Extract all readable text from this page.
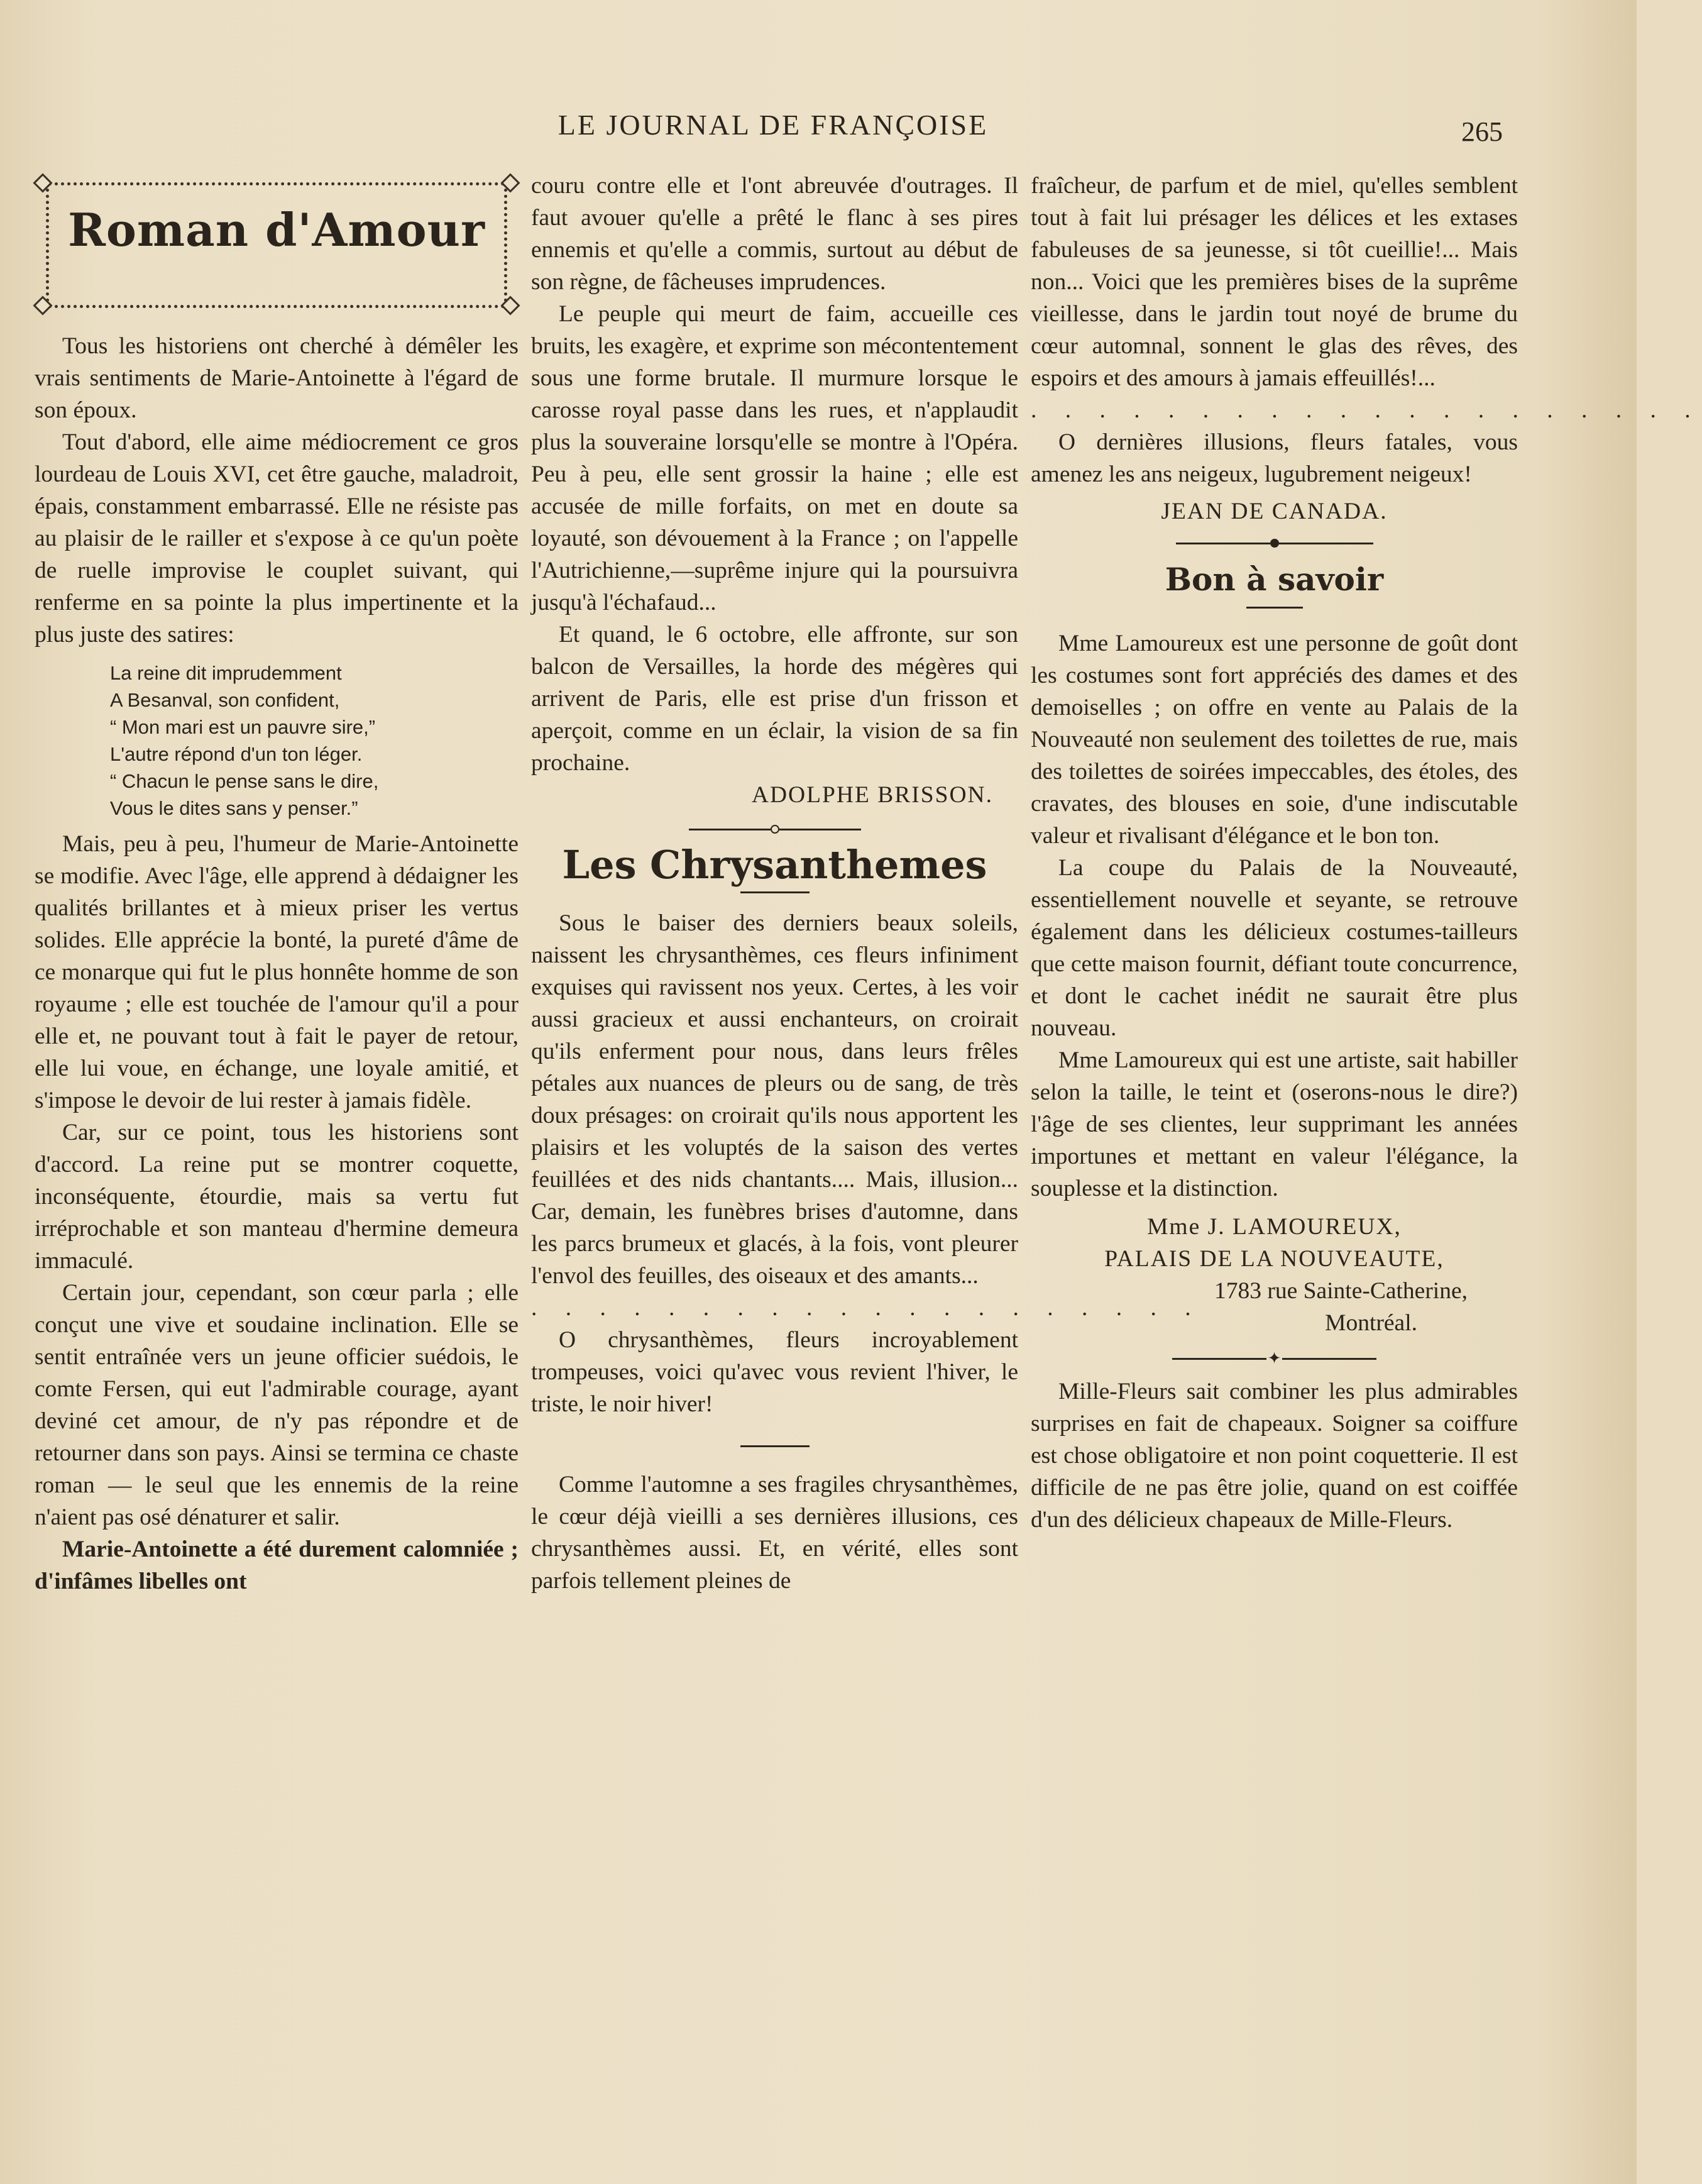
LE JOURNAL DE FRANÇOISE	265
Roman d'Amour

Tous les historiens ont cherché à démêler les vrais sentiments de Marie-Antoinette à l'égard de son époux.

Tout d'abord, elle aime médiocrement ce gros lourdeau de Louis XVI, cet être gauche, maladroit, épais, constamment embarrassé. Elle ne résiste pas au plaisir de le railler et s'expose à ce qu'un poète de ruelle improvise le couplet suivant, qui renferme en sa pointe la plus impertinente et la plus juste des satires:

La reine dit imprudemment
A Besanval, son confident,
“ Mon mari est un pauvre sire,”
L'autre répond d'un ton léger.
“ Chacun le pense sans le dire,
Vous le dites sans y penser.”

Mais, peu à peu, l'humeur de Marie-Antoinette se modifie. Avec l'âge, elle apprend à dédaigner les qualités brillantes et à mieux priser les vertus solides. Elle apprécie la bonté, la pureté d'âme de ce monarque qui fut le plus honnête homme de son royaume ; elle est touchée de l'amour qu'il a pour elle et, ne pouvant tout à fait le payer de retour, elle lui voue, en échange, une loyale amitié, et s'impose le devoir de lui rester à jamais fidèle.

Car, sur ce point, tous les historiens sont d'accord. La reine put se montrer coquette, inconséquente, étourdie, mais sa vertu fut irréprochable et son manteau d'hermine demeura immaculé.

Certain jour, cependant, son cœur parla ; elle conçut une vive et soudaine inclination. Elle se sentit entraînée vers un jeune officier suédois, le comte Fersen, qui eut l'admirable courage, ayant deviné cet amour, de n'y pas répondre et de retourner dans son pays. Ainsi se termina ce chaste roman — le seul que les ennemis de la reine n'aient pas osé dénaturer et salir.

Marie-Antoinette a été durement calomniée ; d'infâmes libelles ont

couru contre elle et l'ont abreuvée d'outrages. Il faut avouer qu'elle a prêté le flanc à ses pires ennemis et qu'elle a commis, surtout au début de son règne, de fâcheuses imprudences.

Le peuple qui meurt de faim, accueille ces bruits, les exagère, et exprime son mécontentement sous une forme brutale. Il murmure lorsque le carosse royal passe dans les rues, et n'applaudit plus la souveraine lorsqu'elle se montre à l'Opéra. Peu à peu, elle sent grossir la haine ; elle est accusée de mille forfaits, on met en doute sa loyauté, son dévouement à la France ; on l'appelle l'Autrichienne,—suprême injure qui la poursuivra jusqu'à l'échafaud...

Et quand, le 6 octobre, elle affronte, sur son balcon de Versailles, la horde des mégères qui arrivent de Paris, elle est prise d'un frisson et aperçoit, comme en un éclair, la vision de sa fin prochaine.

ADOLPHE BRISSON.
Les Chrysanthemes

Sous le baiser des derniers beaux soleils, naissent les chrysanthèmes, ces fleurs infiniment exquises qui ravissent nos yeux. Certes, à les voir aussi gracieux et aussi enchanteurs, on croirait qu'ils enferment pour nous, dans leurs frêles pétales aux nuances de pleurs ou de sang, de très doux présages: on croirait qu'ils nous apportent les plaisirs et les voluptés de la saison des vertes feuillées et des nids chantants.... Mais, illusion... Car, demain, les funèbres brises d'automne, dans les parcs brumeux et glacés, à la fois, vont pleurer l'envol des feuilles, des oiseaux et des amants...

. . . . . . . . . . . . . . . . . . . .

O chrysanthèmes, fleurs incroyablement trompeuses, voici qu'avec vous revient l'hiver, le triste, le noir hiver!

Comme l'automne a ses fragiles chrysanthèmes, le cœur déjà vieilli a ses dernières illusions, ces chrysanthèmes aussi. Et, en vérité, elles sont parfois tellement pleines de

fraîcheur, de parfum et de miel, qu'elles semblent tout à fait lui présager les délices et les extases fabuleuses de sa jeunesse, si tôt cueillie!... Mais non... Voici que les premières bises de la suprême vieillesse, dans le jardin tout noyé de brume du cœur automnal, sonnent le glas des rêves, des espoirs et des amours à jamais effeuillés!...

. . . . . . . . . . . . . . . . . . . .

O dernières illusions, fleurs fatales, vous amenez les ans neigeux, lugubrement neigeux!

JEAN DE CANADA.
Bon à savoir

Mme Lamoureux est une personne de goût dont les costumes sont fort appréciés des dames et des demoiselles ; on offre en vente au Palais de la Nouveauté non seulement des toilettes de rue, mais des toilettes de soirées impeccables, des étoles, des cravates, des blouses en soie, d'une indiscutable valeur et rivalisant d'élégance et le bon ton.

La coupe du Palais de la Nouveauté, essentiellement nouvelle et seyante, se retrouve également dans les délicieux costumes-tailleurs que cette maison fournit, défiant toute concurrence, et dont le cachet inédit ne saurait être plus nouveau.

Mme Lamoureux qui est une artiste, sait habiller selon la taille, le teint et (oserons-nous le dire?) l'âge de ses clientes, leur supprimant les années importunes et mettant en valeur l'élégance, la souplesse et la distinction.

Mme J. LAMOUREUX,
PALAIS DE LA NOUVEAUTE,
1783 rue Sainte-Catherine,
Montréal.
✦

Mille-Fleurs sait combiner les plus admirables surprises en fait de chapeaux. Soigner sa coiffure est chose obligatoire et non point coquetterie. Il est difficile de ne pas être jolie, quand on est coiffée d'un des délicieux chapeaux de Mille-Fleurs.
